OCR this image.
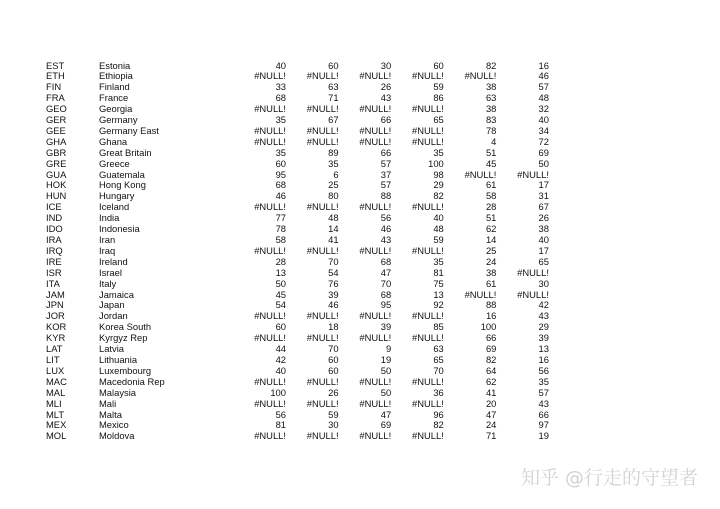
EST	Estonia	40	60	30	60	82	16
ETH	Ethiopia	#NULL!	#NULL!	#NULL!	#NULL!	#NULL!	46
FIN	Finland	33	63	26	59	38	57
FRA	France	68	71	43	86	63	48
GEO	Georgia	#NULL!	#NULL!	#NULL!	#NULL!	38	32
GER	Germany	35	67	66	65	83	40
GEE	Germany East	#NULL!	#NULL!	#NULL!	#NULL!	78	34
GHA	Ghana	#NULL!	#NULL!	#NULL!	#NULL!	4	72
GBR	Great Britain	35	89	66	35	51	69
GRE	Greece	60	35	57	100	45	50
GUA	Guatemala	95	6	37	98	#NULL!	#NULL!
HOK	Hong Kong	68	25	57	29	61	17
HUN	Hungary	46	80	88	82	58	31
ICE	Iceland	#NULL!	#NULL!	#NULL!	#NULL!	28	67
IND	India	77	48	56	40	51	26
IDO	Indonesia	78	14	46	48	62	38
IRA	Iran	58	41	43	59	14	40
IRQ	Iraq	#NULL!	#NULL!	#NULL!	#NULL!	25	17
IRE	Ireland	28	70	68	35	24	65
ISR	Israel	13	54	47	81	38	#NULL!
ITA	Italy	50	76	70	75	61	30
JAM	Jamaica	45	39	68	13	#NULL!	#NULL!
JPN	Japan	54	46	95	92	88	42
JOR	Jordan	#NULL!	#NULL!	#NULL!	#NULL!	16	43
KOR	Korea South	60	18	39	85	100	29
KYR	Kyrgyz Rep	#NULL!	#NULL!	#NULL!	#NULL!	66	39
LAT	Latvia	44	70	9	63	69	13
LIT	Lithuania	42	60	19	65	82	16
LUX	Luxembourg	40	60	50	70	64	56
MAC	Macedonia Rep	#NULL!	#NULL!	#NULL!	#NULL!	62	35
MAL	Malaysia	100	26	50	36	41	57
MLI	Mali	#NULL!	#NULL!	#NULL!	#NULL!	20	43
MLT	Malta	56	59	47	96	47	66
MEX	Mexico	81	30	69	82	24	97
MOL	Moldova	#NULL!	#NULL!	#NULL!	#NULL!	71	19
知乎 @行走的守望者
